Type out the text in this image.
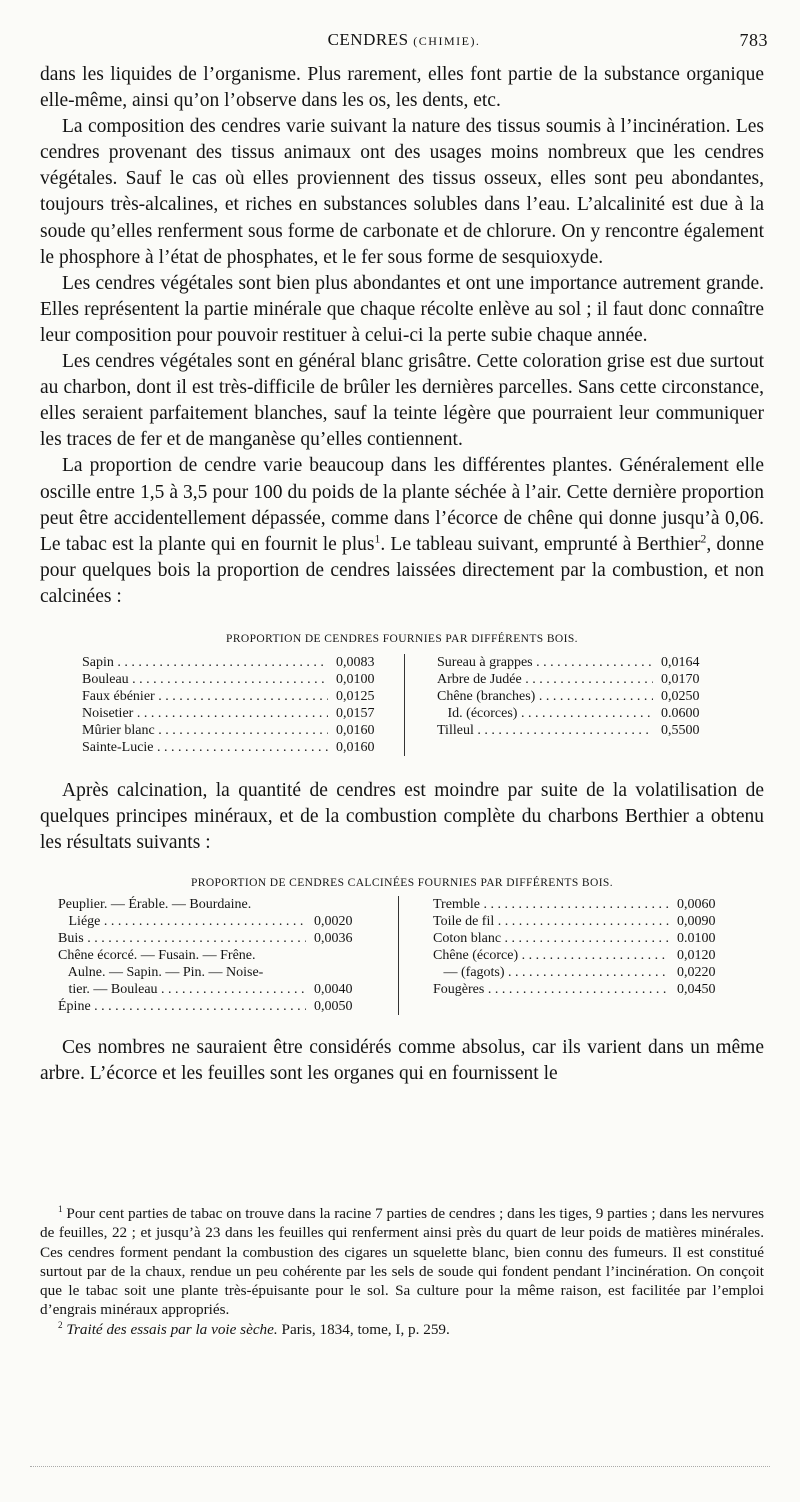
CENDRES (CHIMIE).	783

dans les liquides de l’organisme. Plus rarement, elles font partie de la substance organique elle-même, ainsi qu’on l’observe dans les os, les dents, etc.

La composition des cendres varie suivant la nature des tissus soumis à l’incinération. Les cendres provenant des tissus animaux ont des usages moins nombreux que les cendres végétales. Sauf le cas où elles proviennent des tissus osseux, elles sont peu abondantes, toujours très-alcalines, et riches en substances solubles dans l’eau. L’alcalinité est due à la soude qu’elles renferment sous forme de carbonate et de chlorure. On y rencontre également le phosphore à l’état de phosphates, et le fer sous forme de sesquioxyde.

Les cendres végétales sont bien plus abondantes et ont une importance autrement grande. Elles représentent la partie minérale que chaque récolte enlève au sol ; il faut donc connaître leur composition pour pouvoir restituer à celui-ci la perte subie chaque année.

Les cendres végétales sont en général blanc grisâtre. Cette coloration grise est due surtout au charbon, dont il est très-difficile de brûler les dernières parcelles. Sans cette circonstance, elles seraient parfaitement blanches, sauf la teinte légère que pourraient leur communiquer les traces de fer et de manganèse qu’elles contiennent.

La proportion de cendre varie beaucoup dans les différentes plantes. Généralement elle oscille entre 1,5 à 3,5 pour 100 du poids de la plante séchée à l’air. Cette dernière proportion peut être accidentellement dépassée, comme dans l’écorce de chêne qui donne jusqu’à 0,06. Le tabac est la plante qui en fournit le plus$^1$. Le tableau suivant, emprunté à Berthier$^2$, donne pour quelques bois la proportion de cendres laissées directement par la combustion, et non calcinées :

PROPORTION DE CENDRES FOURNIES PAR DIFFÉRENTS BOIS.

Sapin . . .	0,0083
Bouleau . . .	0,0100
Faux ébénier . . .	0,0125
Noisetier . . .	0,0157
Mûrier blanc . . .	0,0160
Sainte-Lucie . . .	0,0160
Sureau à grappes . . .	0,0164
Arbre de Judée . . .	0,0170
Chêne (branches) . . .	0,0250
Id. (écorces) . . .	0.0600
Tilleul . . .	0,5500

Après calcination, la quantité de cendres est moindre par suite de la volatilisation de quelques principes minéraux, et de la combustion complète du charbons Berthier a obtenu les résultats suivants :

PROPORTION DE CENDRES CALCINÉES FOURNIES PAR DIFFÉRENTS BOIS.

Peuplier. — Érable. — Bourdaine.
Liége . . .	0,0020
Buis . . .	0,0036
Chêne écorcé. — Fusain. — Frêne.
Aulne. — Sapin. — Pin. — Noise-
tier. — Bouleau . . .	0,0040
Épine . . .	0,0050
Tremble . . .	0,0060
Toile de fil . . .	0,0090
Coton blanc . . .	0.0100
Chêne (écorce) . . .	0,0120
— (fagots) . . .	0,0220
Fougères . . .	0,0450

Ces nombres ne sauraient être considérés comme absolus, car ils varient dans un même arbre. L’écorce et les feuilles sont les organes qui en fournissent le

$^1$ Pour cent parties de tabac on trouve dans la racine 7 parties de cendres ; dans les tiges, 9 parties ; dans les nervures de feuilles, 22 ; et jusqu’à 23 dans les feuilles qui renferment ainsi près du quart de leur poids de matières minérales. Ces cendres forment pendant la combustion des cigares un squelette blanc, bien connu des fumeurs. Il est constitué surtout par de la chaux, rendue un peu cohérente par les sels de soude qui fondent pendant l’incinération. On conçoit que le tabac soit une plante très-épuisante pour le sol. Sa culture pour la même raison, est facilitée par l’emploi d’engrais minéraux appropriés.

$^2$ Traité des essais par la voie sèche. Paris, 1834, tome, I, p. 259.
